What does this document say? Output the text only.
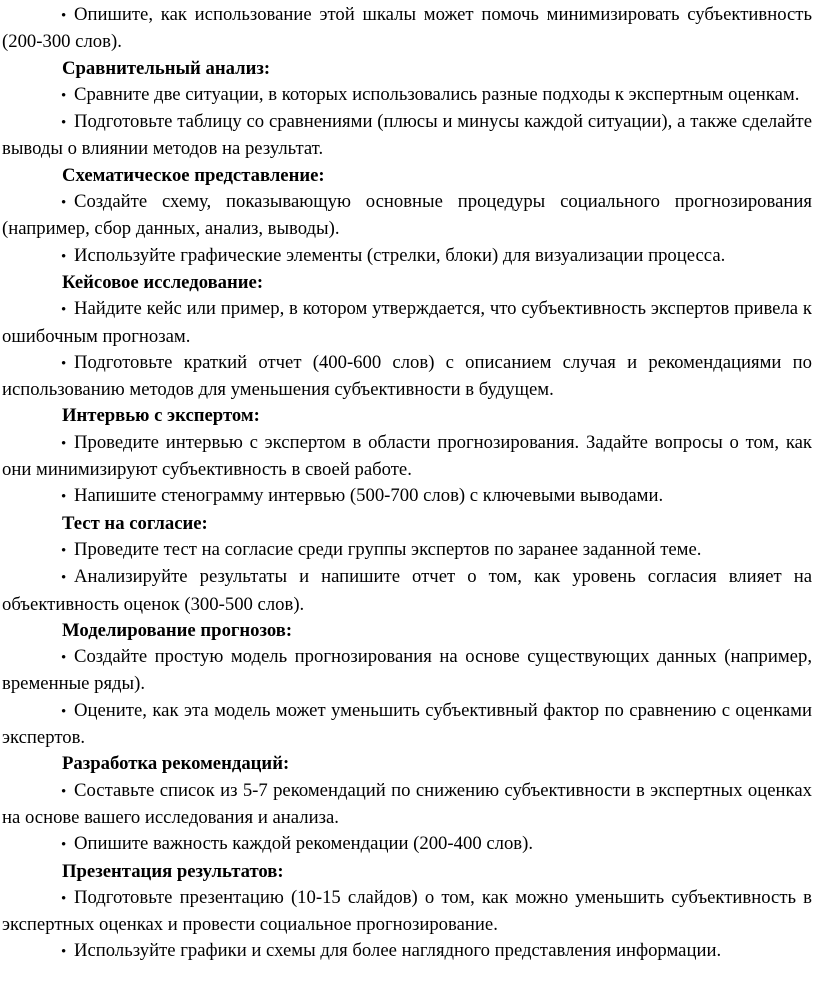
• Опишите, как использование этой шкалы может помочь минимизировать субъективность (200-300 слов).

Сравнительный анализ:

• Сравните две ситуации, в которых использовались разные подходы к экспертным оценкам.

• Подготовьте таблицу со сравнениями (плюсы и минусы каждой ситуации), а также сделайте выводы о влиянии методов на результат.

Схематическое представление:

• Создайте схему, показывающую основные процедуры социального прогнозирования (например, сбор данных, анализ, выводы).

• Используйте графические элементы (стрелки, блоки) для визуализации процесса.

Кейсовое исследование:

• Найдите кейс или пример, в котором утверждается, что субъективность экспертов привела к ошибочным прогнозам.

• Подготовьте краткий отчет (400-600 слов) с описанием случая и рекомендациями по использованию методов для уменьшения субъективности в будущем.

Интервью с экспертом:

• Проведите интервью с экспертом в области прогнозирования. Задайте вопросы о том, как они минимизируют субъективность в своей работе.

• Напишите стенограмму интервью (500-700 слов) с ключевыми выводами.

Тест на согласие:

• Проведите тест на согласие среди группы экспертов по заранее заданной теме.

• Анализируйте результаты и напишите отчет о том, как уровень согласия влияет на объективность оценок (300-500 слов).

Моделирование прогнозов:

• Создайте простую модель прогнозирования на основе существующих данных (например, временные ряды).

• Оцените, как эта модель может уменьшить субъективный фактор по сравнению с оценками экспертов.

Разработка рекомендаций:

• Составьте список из 5-7 рекомендаций по снижению субъективности в экспертных оценках на основе вашего исследования и анализа.

• Опишите важность каждой рекомендации (200-400 слов).

Презентация результатов:

• Подготовьте презентацию (10-15 слайдов) о том, как можно уменьшить субъективность в экспертных оценках и провести социальное прогнозирование.

• Используйте графики и схемы для более наглядного представления информации.
